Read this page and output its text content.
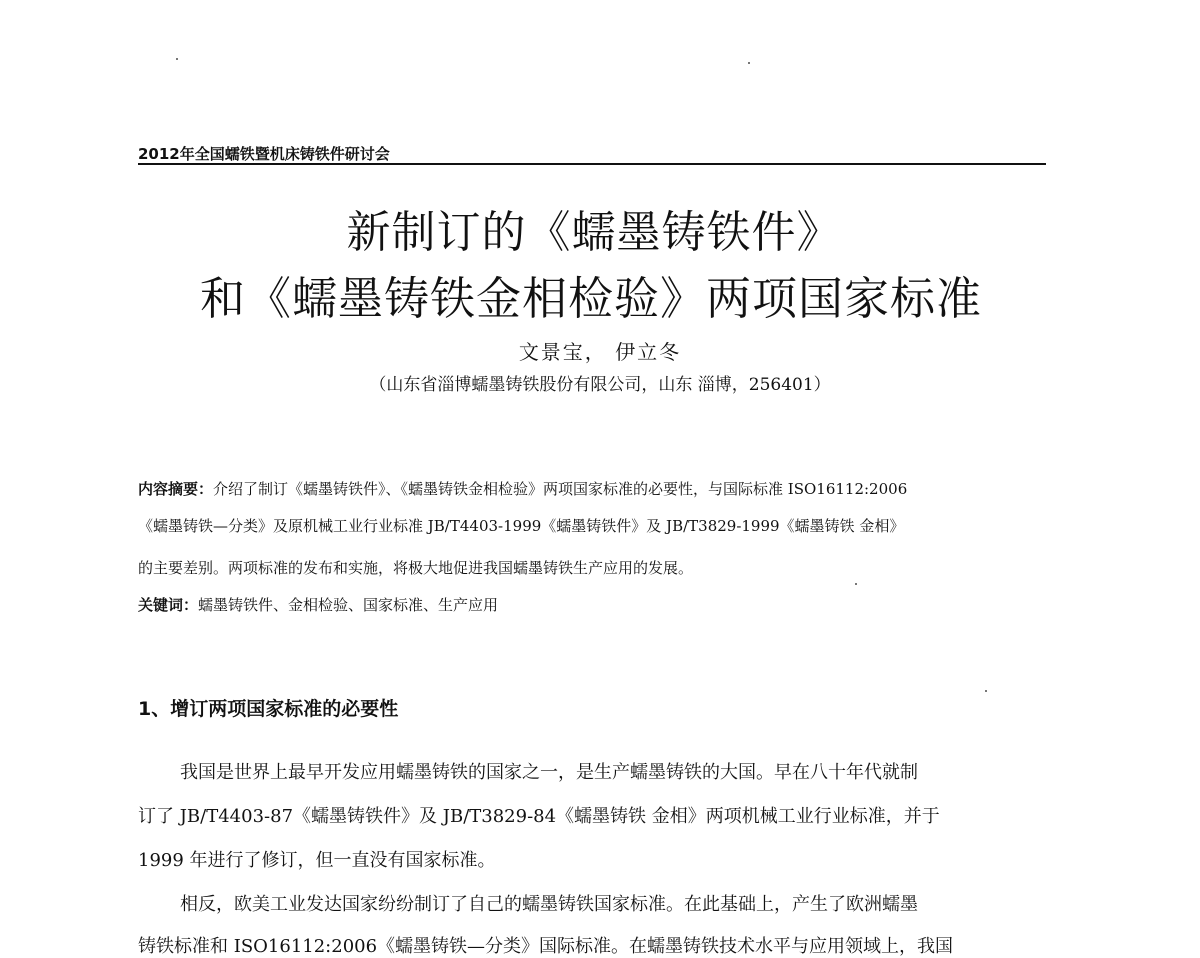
2012年全国蠕铁暨机床铸铁件研讨会
新制订的《蠕墨铸铁件》
和《蠕墨铸铁金相检验》两项国家标准
文景宝， 伊立冬
（山东省淄博蠕墨铸铁股份有限公司，山东 淄博，256401）
内容摘要：介绍了制订《蠕墨铸铁件》、《蠕墨铸铁金相检验》两项国家标准的必要性，与国际标准 ISO16112:2006
《蠕墨铸铁—分类》及原机械工业行业标准 JB/T4403-1999《蠕墨铸铁件》及 JB/T3829-1999《蠕墨铸铁 金相》
的主要差别。两项标准的发布和实施，将极大地促进我国蠕墨铸铁生产应用的发展。
关键词：蠕墨铸铁件、金相检验、国家标准、生产应用
1、增订两项国家标准的必要性
我国是世界上最早开发应用蠕墨铸铁的国家之一，是生产蠕墨铸铁的大国。早在八十年代就制
订了 JB/T4403-87《蠕墨铸铁件》及 JB/T3829-84《蠕墨铸铁 金相》两项机械工业行业标准，并于
1999 年进行了修订，但一直没有国家标准。
相反，欧美工业发达国家纷纷制订了自己的蠕墨铸铁国家标准。在此基础上，产生了欧洲蠕墨
铸铁标准和 ISO16112:2006《蠕墨铸铁—分类》国际标准。在蠕墨铸铁技术水平与应用领域上，我国
